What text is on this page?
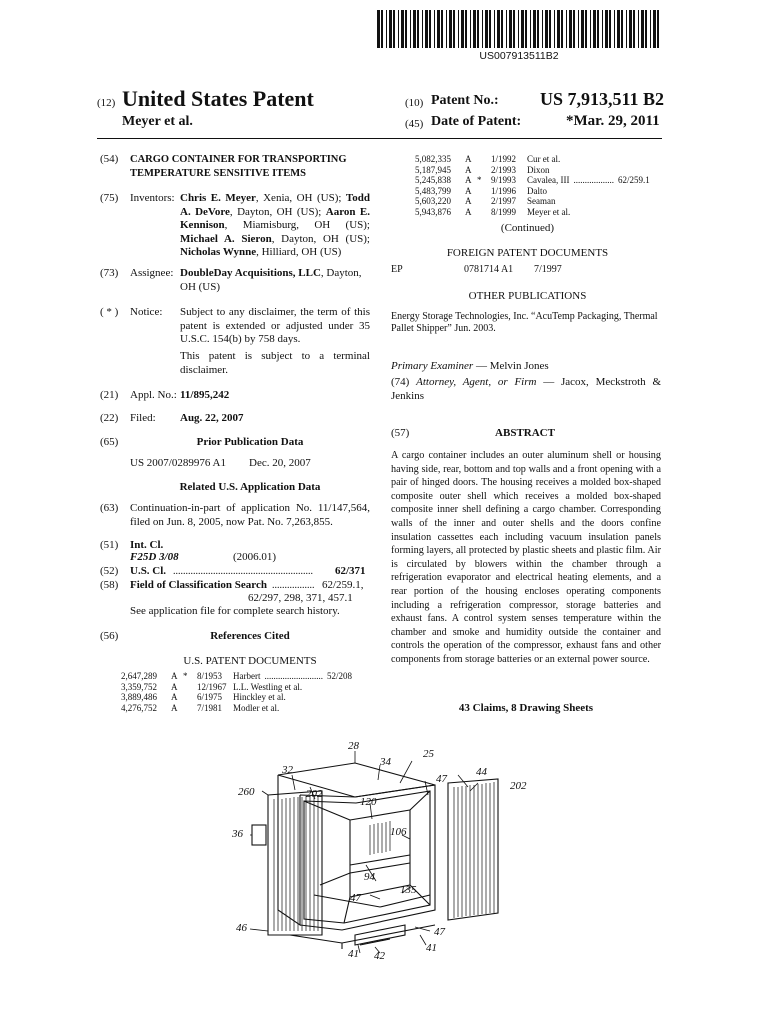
US007913511B2
(12) United States Patent
Meyer et al.
(10) Patent No.: US 7,913,511 B2
(45) Date of Patent:	*Mar. 29, 2011
(54) CARGO CONTAINER FOR TRANSPORTING TEMPERATURE SENSITIVE ITEMS
(75) Inventors: Chris E. Meyer, Xenia, OH (US); Todd A. DeVore, Dayton, OH (US); Aaron E. Kennison, Miamisburg, OH (US); Michael A. Sieron, Dayton, OH (US); Nicholas Wynne, Hilliard, OH (US)
(73) Assignee: DoubleDay Acquisitions, LLC, Dayton, OH (US)
( * ) Notice: Subject to any disclaimer, the term of this patent is extended or adjusted under 35 U.S.C. 154(b) by 758 days.
This patent is subject to a terminal disclaimer.
(21) Appl. No.: 11/895,242
(22) Filed: Aug. 22, 2007
(65)	Prior Publication Data
US 2007/0289976 A1 Dec. 20, 2007
Related U.S. Application Data
(63) Continuation-in-part of application No. 11/147,564, filed on Jun. 8, 2005, now Pat. No. 7,263,855.
(51) Int. Cl.
F25D 3/08	(2006.01)
(52) U.S. Cl. ........................................................	62/371
(58) Field of Classification Search ................. 62/259.1,
62/297, 298, 371, 457.1
See application file for complete search history.
(56)	References Cited
U.S. PATENT DOCUMENTS
2,647,289	A *	8/1953	Harbert .......................... 52/208
3,359,752	A	12/1967 L.L. Westling et al.
3,889,486	A	6/1975	Hinckley et al.
4,276,752	A	7/1981	Modler et al.
5,082,335	A	1/1992	Cur et al.
5,187,945	A	2/1993	Dixon
5,245,838	A *	9/1993	Cavalea, III .................. 62/259.1
5,483,799	A	1/1996	Dalto
5,603,220	A	2/1997	Seaman
5,943,876	A	8/1999	Meyer et al.
(Continued)
FOREIGN PATENT DOCUMENTS
EP	0781714 A1 7/1997
OTHER PUBLICATIONS
Energy Storage Technologies, Inc. “AcuTemp Packaging, Thermal Pallet Shipper” Jun. 2003.
Primary Examiner — Melvin Jones
(74) Attorney, Agent, or Firm — Jacox, Meckstroth & Jenkins
(57)	ABSTRACT
A cargo container includes an outer aluminum shell or housing having side, rear, bottom and top walls and a front opening with a pair of hinged doors. The housing receives a molded box-shaped composite outer shell which receives a molded box-shaped composite inner shell defining a cargo chamber. Corresponding walls of the inner and outer shells and the doors confine insulation cassettes each including vacuum insulation panels forming layers, all protected by plastic sheets and plastic film. Air is circulated by blowers within the chamber through a refrigeration evaporator and electrical heating elements, and a rear portion of the housing encloses operating components including a refrigeration compressor, storage batteries and exhaust fans. A control system senses temperature within the chamber and smoke and humidity outside the container and controls the operation of the compressor, exhaust fans and other components from storage batteries or an external power source.
43 Claims, 8 Drawing Sheets
28
34
25
32
47
44
202
260	202
120
36	106
94
135
47
46	47
41 42
41
